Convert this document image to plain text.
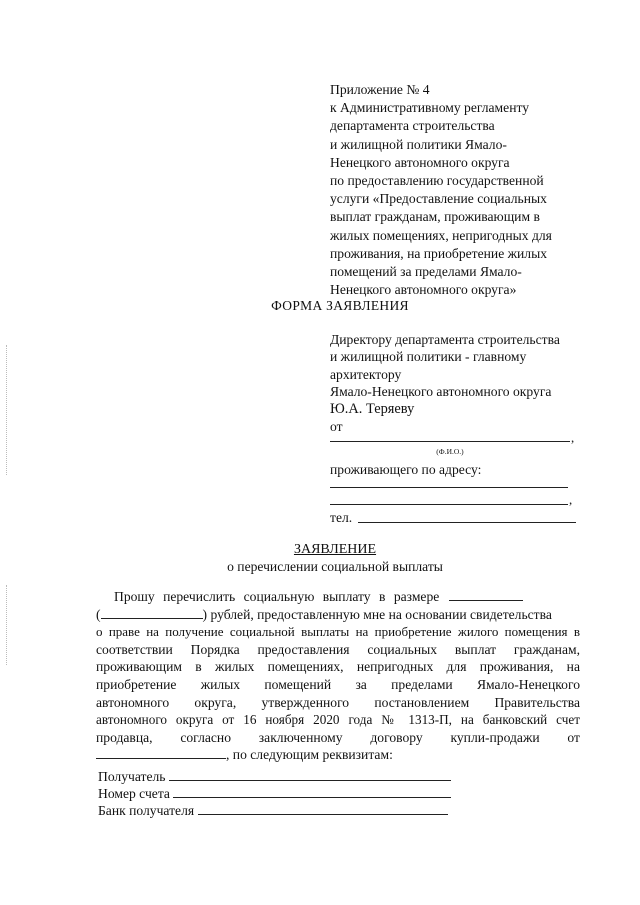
Приложение № 4
к Административному регламенту
департамента строительства
и жилищной политики Ямало-
Ненецкого автономного округа
по предоставлению государственной
услуги «Предоставление социальных
выплат гражданам, проживающим в
жилых помещениях, непригодных для
проживания, на приобретение жилых
помещений за пределами Ямало-
Ненецкого автономного округа»
ФОРМА ЗАЯВЛЕНИЯ
Директору департамента строительства
и жилищной политики - главному
архитектору
Ямало-Ненецкого автономного округа
Ю.А. Теряеву
от
,
(Ф.И.О.)
проживающего по адресу:
,
тел.
ЗАЯВЛЕНИЕ
о перечислении социальной выплаты
Прошу перечислить социальную выплату в размере
(	) рублей, предоставленную мне на основании свидетельства
о праве на получение социальной выплаты на приобретение жилого помещения в
соответствии Порядка предоставления социальных выплат гражданам,
проживающим в жилых помещениях, непригодных для проживания, на
приобретение жилых помещений за пределами Ямало-Ненецкого
автономного округа, утвержденного постановлением Правительства
автономного округа от 16 ноября 2020 года № 1313-П, на банковский счет
продавца, согласно заключенному договору купли-продажи от
, по следующим реквизитам:
Получатель
Номер счета
Банк получателя
